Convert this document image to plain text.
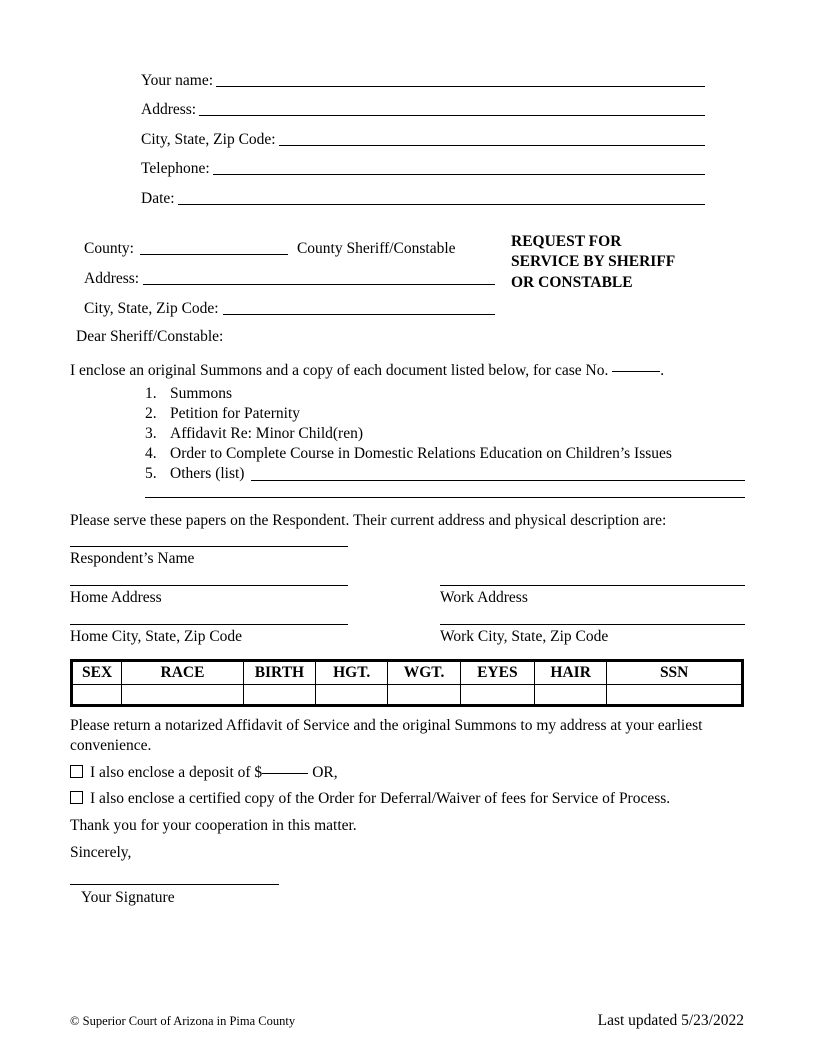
Your name:
Address:
City, State, Zip Code:
Telephone:
Date:
County:	County Sheriff/Constable
Address:
City, State, Zip Code:
REQUEST FOR
SERVICE BY SHERIFF
OR CONSTABLE
Dear Sheriff/Constable:
I enclose an original Summons and a copy of each document listed below, for case No.	.
1. Summons
2. Petition for Paternity
3. Affidavit Re: Minor Child(ren)
4. Order to Complete Course in Domestic Relations Education on Children’s Issues
5. Others (list)
Please serve these papers on the Respondent. Their current address and physical description are:
Respondent’s Name
Home Address	Work Address
Home City, State, Zip Code	Work City, State, Zip Code
SEX	RACE	BIRTH	HGT.	WGT.	EYES	HAIR	SSN

Please return a notarized Affidavit of Service and the original Summons to my address at your earliest convenience.
I also enclose a deposit of $	OR,
I also enclose a certified copy of the Order for Deferral/Waiver of fees for Service of Process.
Thank you for your cooperation in this matter.
Sincerely,
Your Signature
© Superior Court of Arizona in Pima County	Last updated 5/23/2022
